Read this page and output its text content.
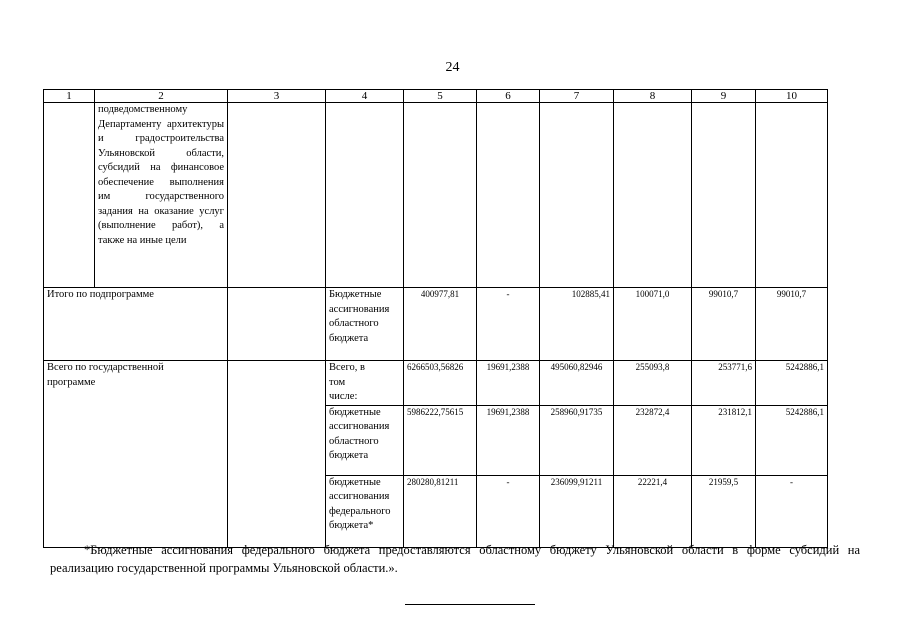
24
1	2	3	4	5	6	7	8	9	10
	подведомственному Департаменту архитектуры и градостроительства Ульяновской области, субсидий на финансовое обеспечение выполнения им государственного задания на оказание услуг (выполнение работ), а также на иные цели								
Итого по подпрограмме			Бюджетные ассигнования областного бюджета	400977,81	-	102885,41	100071,0	99010,7	99010,7
Всего по государственной программе			Всего, в том числе:	6266503,56826	19691,2388	495060,82946	255093,8	253771,6	5242886,1
			бюджетные ассигнования областного бюджета	5986222,75615	19691,2388	258960,91735	232872,4	231812,1	5242886,1
			бюджетные ассигнования федерального бюджета*	280280,81211	-	236099,91211	22221,4	21959,5	-
*Бюджетные ассигнования федерального бюджета предоставляются областному бюджету Ульяновской области в форме субсидий на реализацию государственной программы Ульяновской области.».
